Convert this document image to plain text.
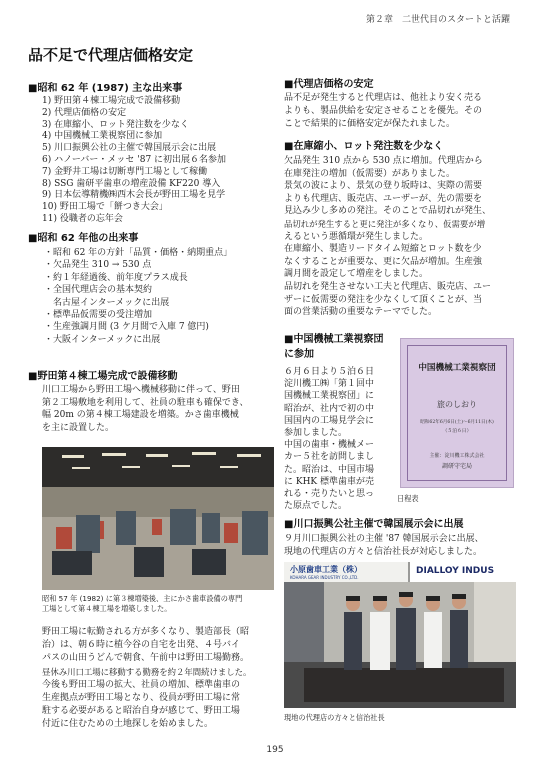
第２章　二世代目のスタートと活躍
品不足で代理店価格安定
■昭和 62 年 (1987) 主な出来事
1) 野田第４棟工場完成で設備移動
2) 代理店価格の安定
3) 在庫縮小、ロット発注数を少なく
4) 中国機械工業視察団に参加
5) 川口振興公社の主催で韓国展示会に出展
6) ハノーバー・メッセ '87 に初出展６名参加
7) 金野井工場は切断専門工場として稼働
8) SSG 歯研平歯車の増産設備 KF220 導入
9) 日本伝導精機㈱西木会長が野田工場を見学
10) 野田工場で「餅つき大会」
11) 役職者の忘年会
■昭和 62 年他の出来事
・昭和 62 年の方針「品質・価格・納期重点」
・欠品発生 310 → 530 点
・約１年経過後、前年度プラス成長
・全国代理店会の基本契約
　名古屋インターメックに出展
・標準品仮需要の受注増加
・生産強調月間 (3 ケ月間で入庫 7 億円)
・大阪インターメックに出展
■野田第４棟工場完成で設備移動
川口工場から野田工場へ機械移動に伴って、野田
第２工場敷地を利用して、社員の駐車も確保でき、
幅 20m の第４棟工場建設を増築。かさ歯車機械
を主に設置した。
昭和 57 年 (1982) に第３棟増築後、主にかさ歯車設備の専門
工場として第４棟工場を増築しました。
野田工場に転勤される方が多くなり、製造部長（昭
治）は、朝６時に植今谷の自宅を出発、４号バイ
パスの山田うどんで朝食、午前中は野田工場勤務。
昼休み川口工場に移動する勤務を約２年間続けました。
今後も野田工場の拡大、社員の増加、標準歯車の
生産拠点が野田工場となり、役員が野田工場に常
駐する必要があると昭治自身が感じて、野田工場
付近に住むための土地探しを始めました。
■代理店価格の安定
品不足が発生すると代理店は、他社より安く売る
よりも、製品供給を安定させることを優先。その
ことで結果的に価格安定が保たれました。
■在庫縮小、ロット発注数を少なく
欠品発生 310 点から 530 点に増加。代理店から
在庫発注の増加（仮需要）がありました。
景気の波により、景気の登り坂時は、実際の需要
よりも代理店、販売店、ユーザーが、先の需要を
見込み少し多めの発注。そのことで品切れが発生、
品切れが発生すると更に発注が多くなり、仮需要が増
えるという悪循環が発生しました。
在庫縮小、製造リードタイム短縮とロット数を少
なくすることが重要な、更に欠品が増加。生産強
調月間を設定して増産をしました。
品切れを発生させない工夫と代理店、販売店、ユー
ザーに仮需要の発注を少なくして頂くことが、当
面の営業活動の重要なテーマでした。
■中国機械工業視察団
に参加
６月６日より５泊６日
淀川機工㈱「第１回中
国機械工業視察団」に
昭治が、社内で初の中
国国内の工場見学会に
参加しました。
中国の歯車・機械メー
カー５社を訪問しまし
た。昭治は、中国市場
に KHK 標準歯車が売
れる・売りたいと思っ
た原点でした。
中国機械工業視察団
旅のしおり
昭和62年6月6日(土)～6月11日(木)
（５泊６日）
主催：淀川機工株式会社
調研守宅局
日程表
■川口振興公社主催で韓国展示会に出展
９月川口振興公社の主催 '87 韓国展示会に出展、
現地の代理店の方々と信治社長が対応しました。
小原歯車工業（株）
KOHARA GEAR INDUSTRY CO.,LTD.
DIALLOY INDUS
現地の代理店の方々と信治社長
195
